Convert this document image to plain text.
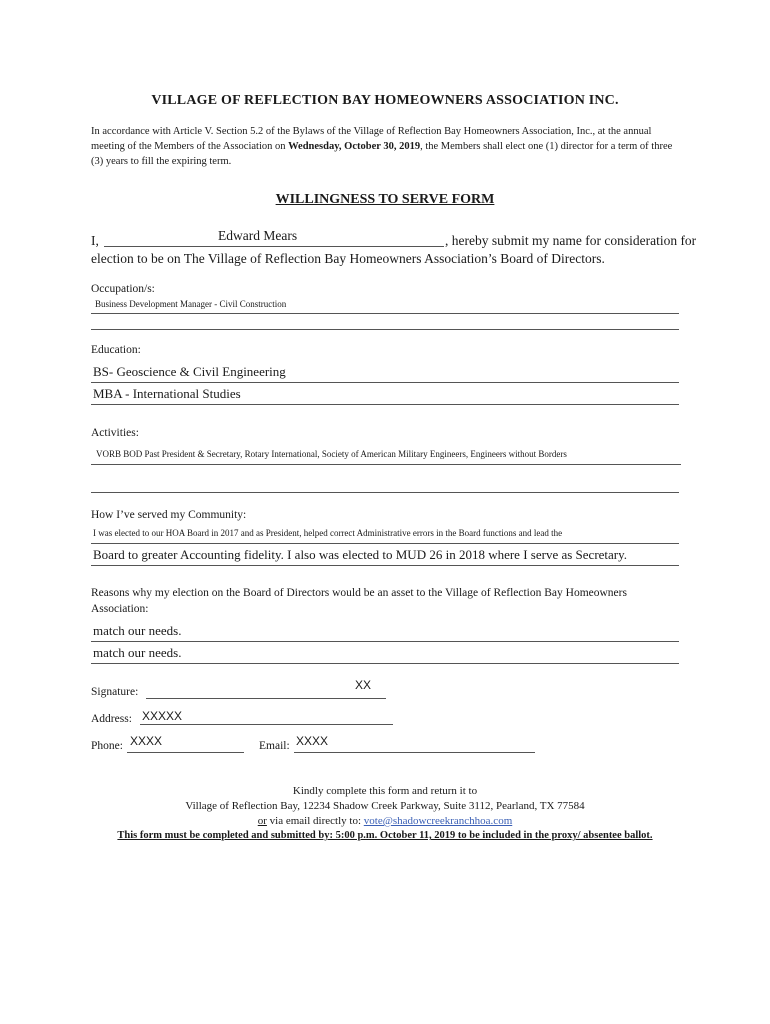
VILLAGE OF REFLECTION BAY HOMEOWNERS ASSOCIATION INC.
In accordance with Article V. Section 5.2 of the Bylaws of the Village of Reflection Bay Homeowners Association, Inc., at the annual meeting of the Members of the Association on Wednesday, October 30, 2019, the Members shall elect one (1) director for a term of three (3) years to fill the expiring term.
WILLINGNESS TO SERVE FORM
I,	Edward Mears	, hereby submit my name for consideration for
election to be on The Village of Reflection Bay Homeowners Association’s Board of Directors.
Occupation/s:
Business Development Manager - Civil Construction
Education:
BS- Geoscience & Civil Engineering
MBA - International Studies
Activities:
VORB BOD Past President & Secretary, Rotary International, Society of American Military Engineers, Engineers without Borders
How I’ve served my Community:
I was elected to our HOA Board in 2017 and as President, helped correct Administrative errors in the Board functions and lead the
Board to greater Accounting fidelity. I also was elected to MUD 26 in 2018 where I serve as Secretary.
Reasons why my election on the Board of Directors would be an asset to the Village of Reflection Bay Homeowners
Association:
match our needs.
match our needs.
Signature:	XX
Address: XXXXX
Phone: XXXX	Email: XXXX
Kindly complete this form and return it to
Village of Reflection Bay, 12234 Shadow Creek Parkway, Suite 3112, Pearland, TX 77584
or via email directly to: vote@shadowcreekranchhoa.com
This form must be completed and submitted by: 5:00 p.m. October 11, 2019 to be included in the proxy/ absentee ballot.
